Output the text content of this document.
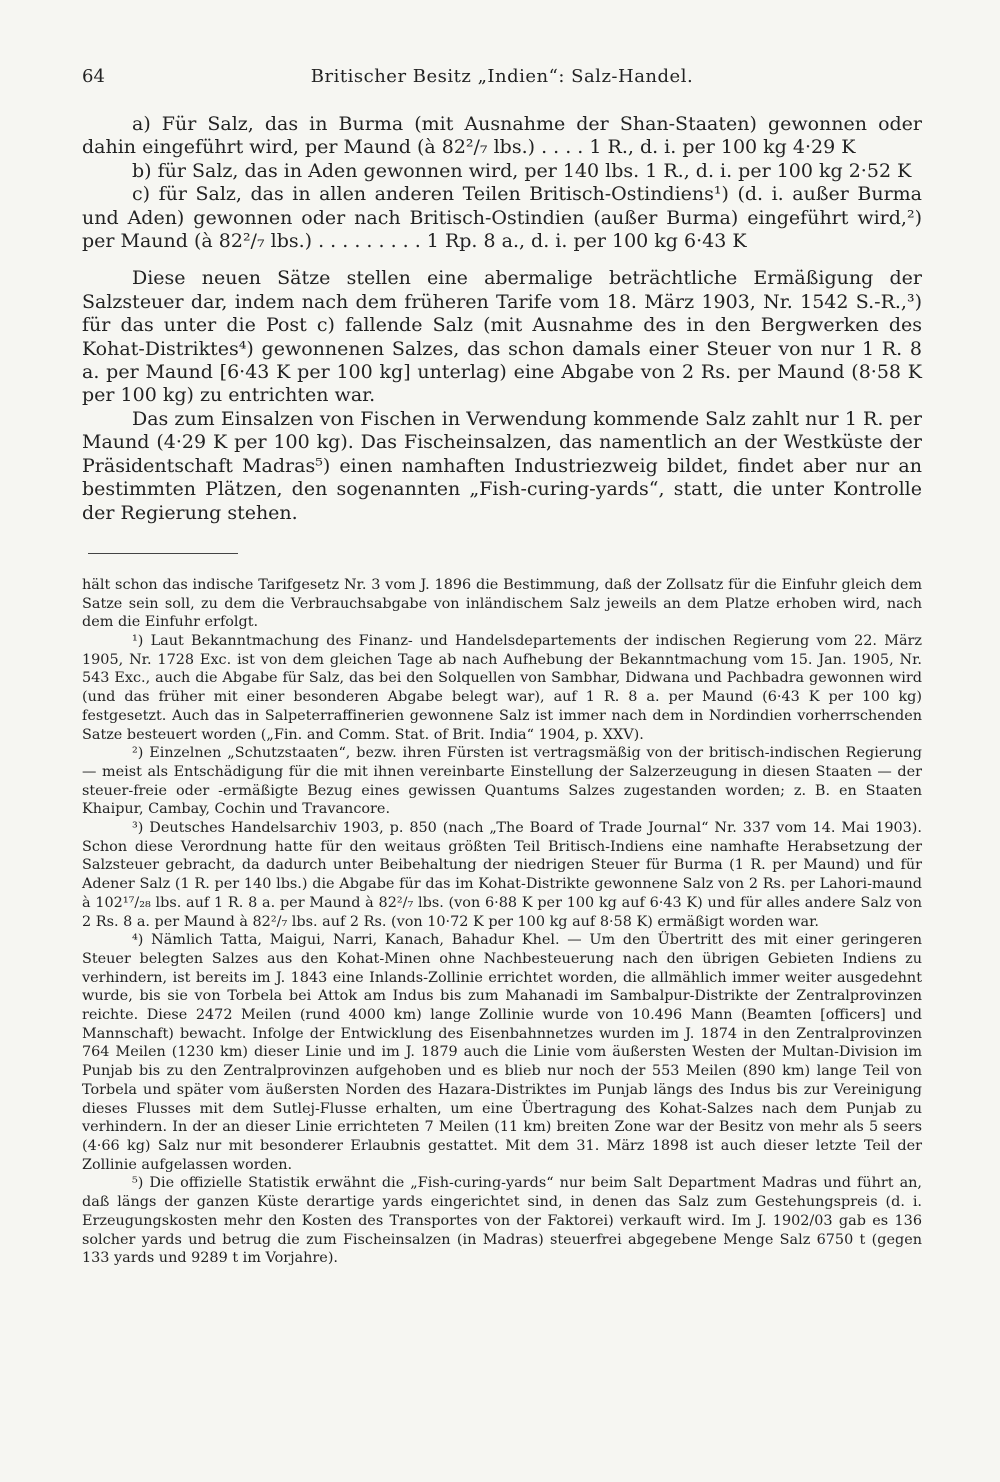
64	Britischer Besitz „Indien“: Salz-Handel.

a) Für Salz, das in Burma (mit Ausnahme der Shan-Staaten) gewonnen oder dahin eingeführt wird, per Maund (à 82²/₇ lbs.) . . . . 1 R., d. i. per 100 kg 4·29 K

b) für Salz, das in Aden gewonnen wird, per 140 lbs. 1 R., d. i. per 100 kg 2·52 K

c) für Salz, das in allen anderen Teilen Britisch-Ostindiens¹) (d. i. außer Burma und Aden) gewonnen oder nach Britisch-Ostindien (außer Burma) eingeführt wird,²) per Maund (à 82²/₇ lbs.) . . . . . . . . . 1 Rp. 8 a., d. i. per 100 kg 6·43 K

Diese neuen Sätze stellen eine abermalige beträchtliche Ermäßigung der Salzsteuer dar, indem nach dem früheren Tarife vom 18. März 1903, Nr. 1542 S.-R.,³) für das unter die Post c) fallende Salz (mit Ausnahme des in den Bergwerken des Kohat-Distriktes⁴) gewonnenen Salzes, das schon damals einer Steuer von nur 1 R. 8 a. per Maund [6·43 K per 100 kg] unterlag) eine Abgabe von 2 Rs. per Maund (8·58 K per 100 kg) zu entrichten war.

Das zum Einsalzen von Fischen in Verwendung kommende Salz zahlt nur 1 R. per Maund (4·29 K per 100 kg). Das Fischeinsalzen, das namentlich an der Westküste der Präsidentschaft Madras⁵) einen namhaften Industriezweig bildet, findet aber nur an bestimmten Plätzen, den sogenannten „Fish-curing-yards“, statt, die unter Kontrolle der Regierung stehen.

hält schon das indische Tarifgesetz Nr. 3 vom J. 1896 die Bestimmung, daß der Zollsatz für die Einfuhr gleich dem Satze sein soll, zu dem die Verbrauchsabgabe von inländischem Salz jeweils an dem Platze erhoben wird, nach dem die Einfuhr erfolgt.

¹) Laut Bekanntmachung des Finanz- und Handelsdepartements der indischen Regierung vom 22. März 1905, Nr. 1728 Exc. ist von dem gleichen Tage ab nach Aufhebung der Bekanntmachung vom 15. Jan. 1905, Nr. 543 Exc., auch die Abgabe für Salz, das bei den Solquellen von Sambhar, Didwana und Pachbadra gewonnen wird (und das früher mit einer besonderen Abgabe belegt war), auf 1 R. 8 a. per Maund (6·43 K per 100 kg) festgesetzt. Auch das in Salpeterraffinerien gewonnene Salz ist immer nach dem in Nordindien vorherrschenden Satze besteuert worden („Fin. and Comm. Stat. of Brit. India“ 1904, p. XXV).

²) Einzelnen „Schutzstaaten“, bezw. ihren Fürsten ist vertragsmäßig von der britisch-indischen Regierung — meist als Entschädigung für die mit ihnen vereinbarte Einstellung der Salzerzeugung in diesen Staaten — der steuer-freie oder -ermäßigte Bezug eines gewissen Quantums Salzes zugestanden worden; z. B. en Staaten Khaipur, Cambay, Cochin und Travancore.

³) Deutsches Handelsarchiv 1903, p. 850 (nach „The Board of Trade Journal“ Nr. 337 vom 14. Mai 1903). Schon diese Verordnung hatte für den weitaus größten Teil Britisch-Indiens eine namhafte Herabsetzung der Salzsteuer gebracht, da dadurch unter Beibehaltung der niedrigen Steuer für Burma (1 R. per Maund) und für Adener Salz (1 R. per 140 lbs.) die Abgabe für das im Kohat-Distrikte gewonnene Salz von 2 Rs. per Lahori-maund à 102¹⁷/₂₈ lbs. auf 1 R. 8 a. per Maund à 82²/₇ lbs. (von 6·88 K per 100 kg auf 6·43 K) und für alles andere Salz von 2 Rs. 8 a. per Maund à 82²/₇ lbs. auf 2 Rs. (von 10·72 K per 100 kg auf 8·58 K) ermäßigt worden war.

⁴) Nämlich Tatta, Maigui, Narri, Kanach, Bahadur Khel. — Um den Übertritt des mit einer geringeren Steuer belegten Salzes aus den Kohat-Minen ohne Nachbesteuerung nach den übrigen Gebieten Indiens zu verhindern, ist bereits im J. 1843 eine Inlands-Zollinie errichtet worden, die allmählich immer weiter ausgedehnt wurde, bis sie von Torbela bei Attok am Indus bis zum Mahanadi im Sambalpur-Distrikte der Zentralprovinzen reichte. Diese 2472 Meilen (rund 4000 km) lange Zollinie wurde von 10.496 Mann (Beamten [officers] und Mannschaft) bewacht. Infolge der Entwicklung des Eisenbahnnetzes wurden im J. 1874 in den Zentralprovinzen 764 Meilen (1230 km) dieser Linie und im J. 1879 auch die Linie vom äußersten Westen der Multan-Division im Punjab bis zu den Zentralprovinzen aufgehoben und es blieb nur noch der 553 Meilen (890 km) lange Teil von Torbela und später vom äußersten Norden des Hazara-Distriktes im Punjab längs des Indus bis zur Vereinigung dieses Flusses mit dem Sutlej-Flusse erhalten, um eine Übertragung des Kohat-Salzes nach dem Punjab zu verhindern. In der an dieser Linie errichteten 7 Meilen (11 km) breiten Zone war der Besitz von mehr als 5 seers (4·66 kg) Salz nur mit besonderer Erlaubnis gestattet. Mit dem 31. März 1898 ist auch dieser letzte Teil der Zollinie aufgelassen worden.

⁵) Die offizielle Statistik erwähnt die „Fish-curing-yards“ nur beim Salt Department Madras und führt an, daß längs der ganzen Küste derartige yards eingerichtet sind, in denen das Salz zum Gestehungspreis (d. i. Erzeugungskosten mehr den Kosten des Transportes von der Faktorei) verkauft wird. Im J. 1902/03 gab es 136 solcher yards und betrug die zum Fischeinsalzen (in Madras) steuerfrei abgegebene Menge Salz 6750 t (gegen 133 yards und 9289 t im Vorjahre).
